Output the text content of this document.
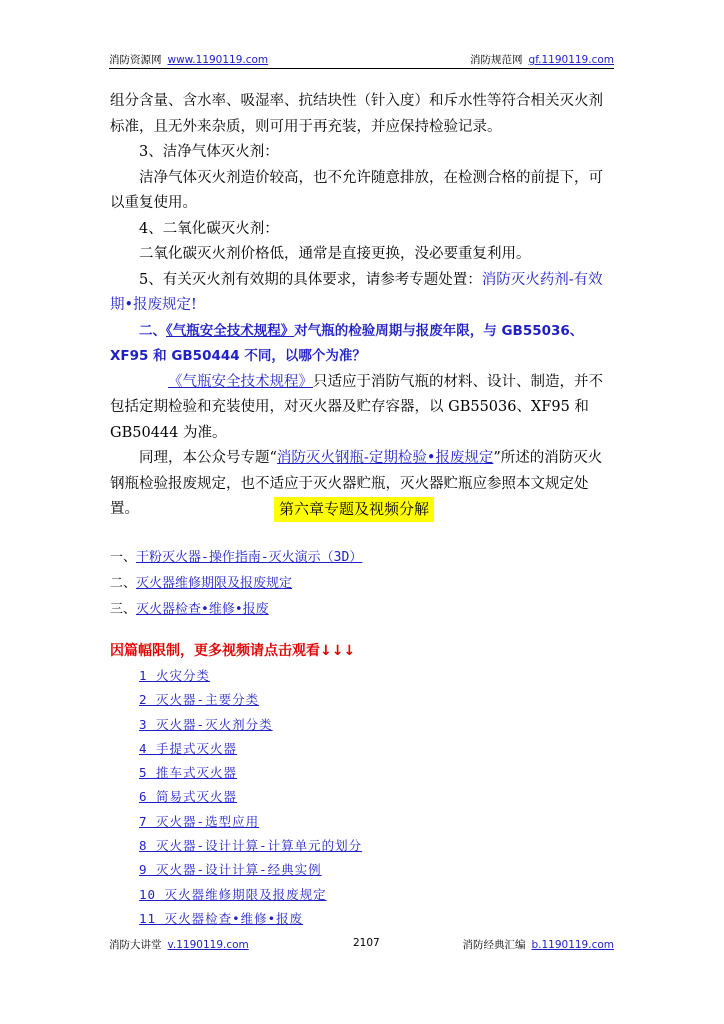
消防资源网 www.1190119.com	消防规范网 gf.1190119.com

组分含量、含水率、吸湿率、抗结块性（针入度）和斥水性等符合相关灭火剂标准，且无外来杂质，则可用于再充装，并应保持检验记录。

3、洁净气体灭火剂：

洁净气体灭火剂造价较高，也不允许随意排放，在检测合格的前提下，可以重复使用。

4、二氧化碳灭火剂：

二氧化碳灭火剂价格低，通常是直接更换，没必要重复利用。

5、有关灭火剂有效期的具体要求，请参考专题处置：消防灭火药剂-有效期•报废规定!

二、《气瓶安全技术规程》对气瓶的检验周期与报废年限，与 GB55036、XF95 和 GB50444 不同，以哪个为准？

《气瓶安全技术规程》只适应于消防气瓶的材料、设计、制造，并不包括定期检验和充装使用，对灭火器及贮存容器，以 GB55036、XF95 和 GB50444 为准。

同理，本公众号专题“消防灭火钢瓶-定期检验•报废规定”所述的消防灭火钢瓶检验报废规定，也不适应于灭火器贮瓶，灭火器贮瓶应参照本文规定处置。	第六章专题及视频分解
一、干粉灭火器-操作指南-灭火演示（3D）
二、灭火器维修期限及报废规定
三、灭火器检查•维修•报废
因篇幅限制，更多视频请点击观看↓↓↓
1 火灾分类
2 灭火器-主要分类
3 灭火器-灭火剂分类
4 手提式灭火器
5 推车式灭火器
6 简易式灭火器
7 灭火器-选型应用
8 灭火器-设计计算-计算单元的划分
9 灭火器-设计计算-经典实例
10 灭火器维修期限及报废规定
11 灭火器检查•维修•报废
消防大讲堂 v.1190119.com	2107	消防经典汇编 b.1190119.com
